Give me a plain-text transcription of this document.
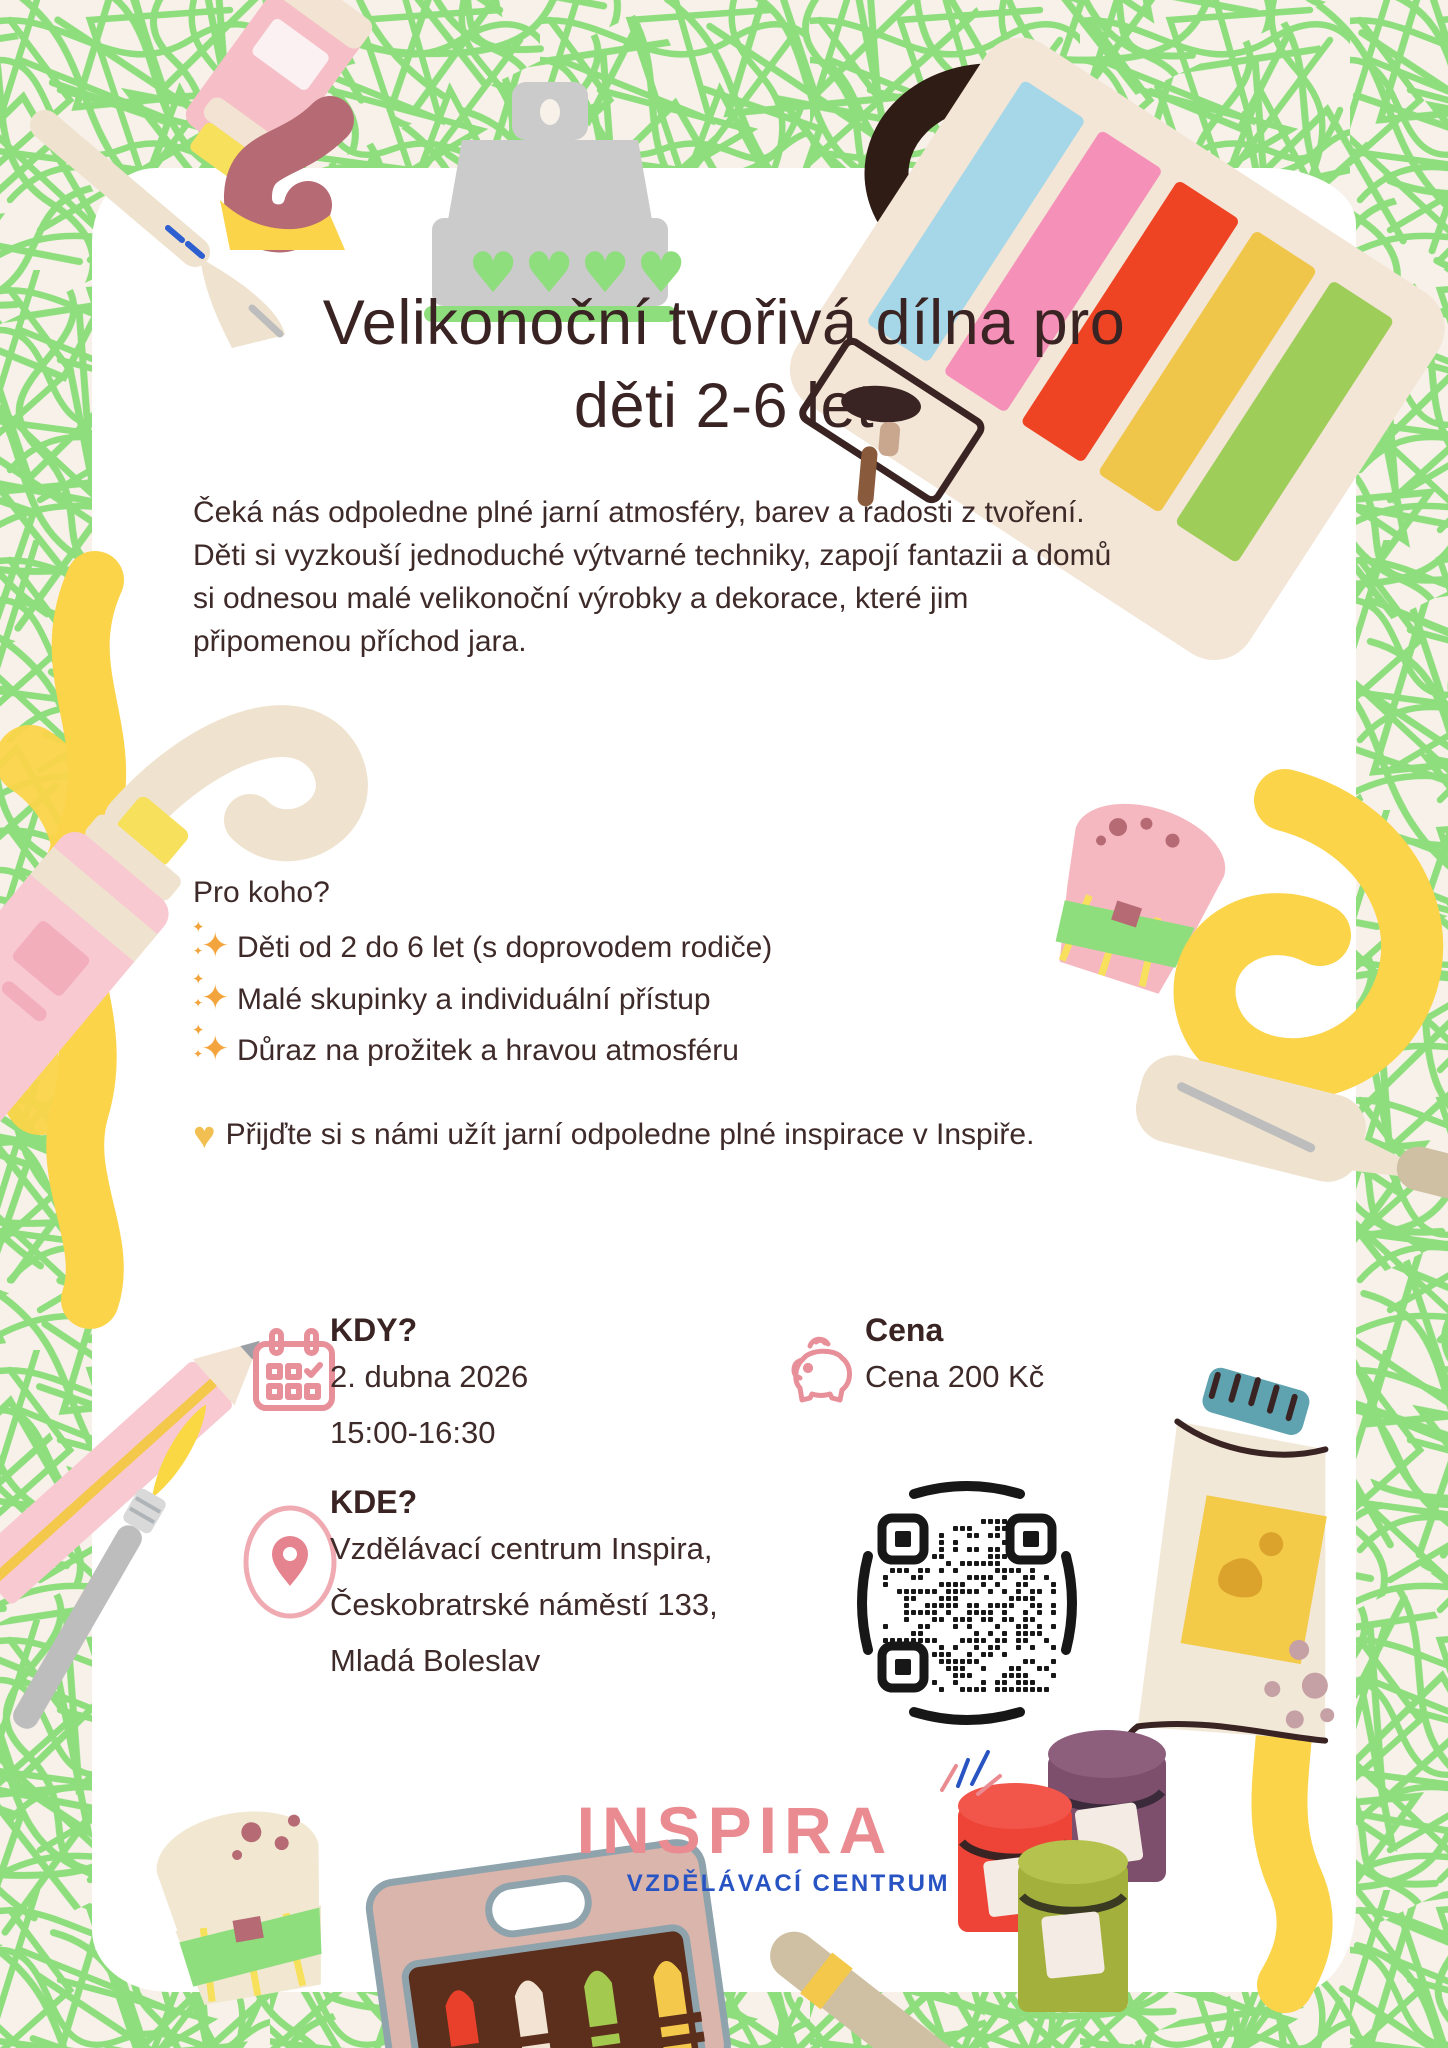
♥ ♥ ♥ ♥
Velikonoční tvořivá dílna pro
děti 2-6 let
Čeká nás odpoledne plné jarní atmosféry, barev a radosti z tvoření. Děti si vyzkouší jednoduché výtvarné techniky, zapojí fantazii a domů si odnesou malé velikonoční výrobky a dekorace, které jim připomenou příchod jara.
Pro koho?
✦
✦
✦ Děti od 2 do 6 let (s doprovodem rodiče)
✦
✦
✦ Malé skupinky a individuální přístup
✦
✦
✦ Důraz na prožitek a hravou atmosféru
♥ Přijďte si s námi užít jarní odpoledne plné inspirace v Inspiře.
KDY?
2. dubna 2026
15:00-16:30
Cena
Cena 200 Kč
KDE?
Vzdělávací centrum Inspira,
Českobratrské náměstí 133,
Mladá Boleslav
INSPIRA
VZDĚLÁVACÍ CENTRUM
